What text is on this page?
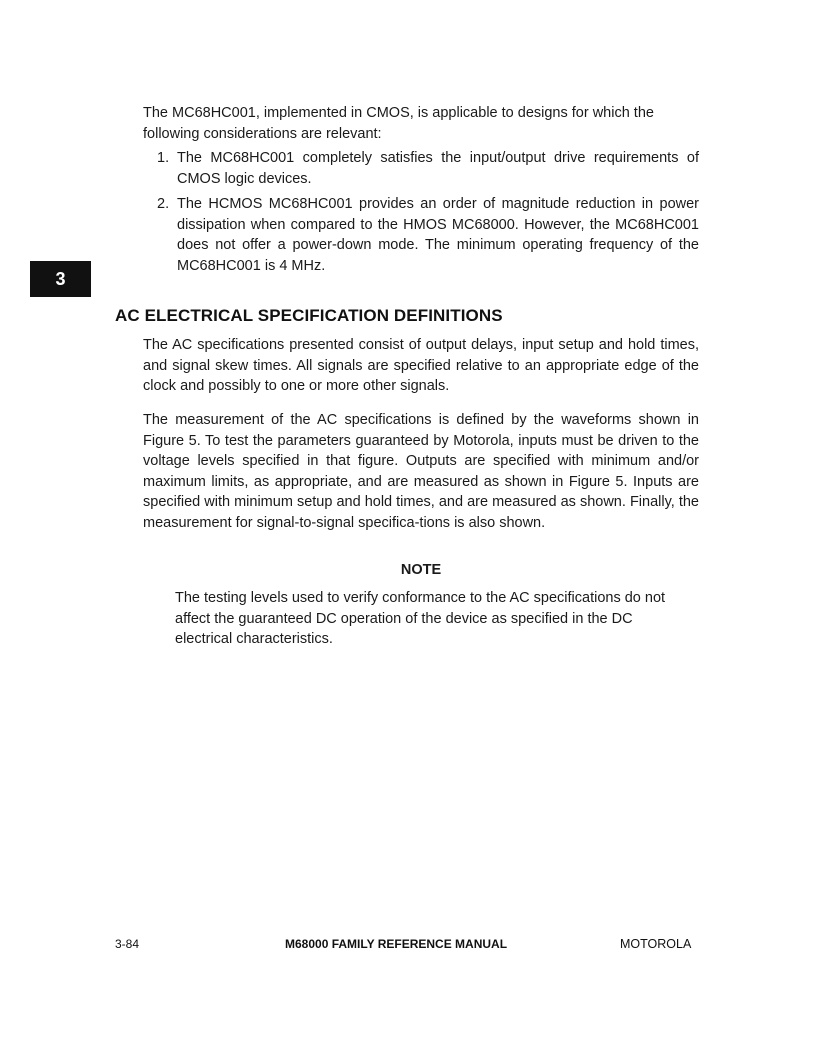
The MC68HC001, implemented in CMOS, is applicable to designs for which the following considerations are relevant:

1. The MC68HC001 completely satisfies the input/output drive requirements of CMOS logic devices.
2. The HCMOS MC68HC001 provides an order of magnitude reduction in power dissipation when compared to the HMOS MC68000. However, the MC68HC001 does not offer a power-down mode. The minimum operating frequency of the MC68HC001 is 4 MHz.
3
AC ELECTRICAL SPECIFICATION DEFINITIONS

The AC specifications presented consist of output delays, input setup and hold times, and signal skew times. All signals are specified relative to an appropriate edge of the clock and possibly to one or more other signals.

The measurement of the AC specifications is defined by the waveforms shown in Figure 5. To test the parameters guaranteed by Motorola, inputs must be driven to the voltage levels specified in that figure. Outputs are specified with minimum and/or maximum limits, as appropriate, and are measured as shown in Figure 5. Inputs are specified with minimum setup and hold times, and are measured as shown. Finally, the measurement for signal-to-signal specifica-tions is also shown.

NOTE

The testing levels used to verify conformance to the AC specifications do not affect the guaranteed DC operation of the device as specified in the DC electrical characteristics.

3-84	M68000 FAMILY REFERENCE MANUAL	MOTOROLA
